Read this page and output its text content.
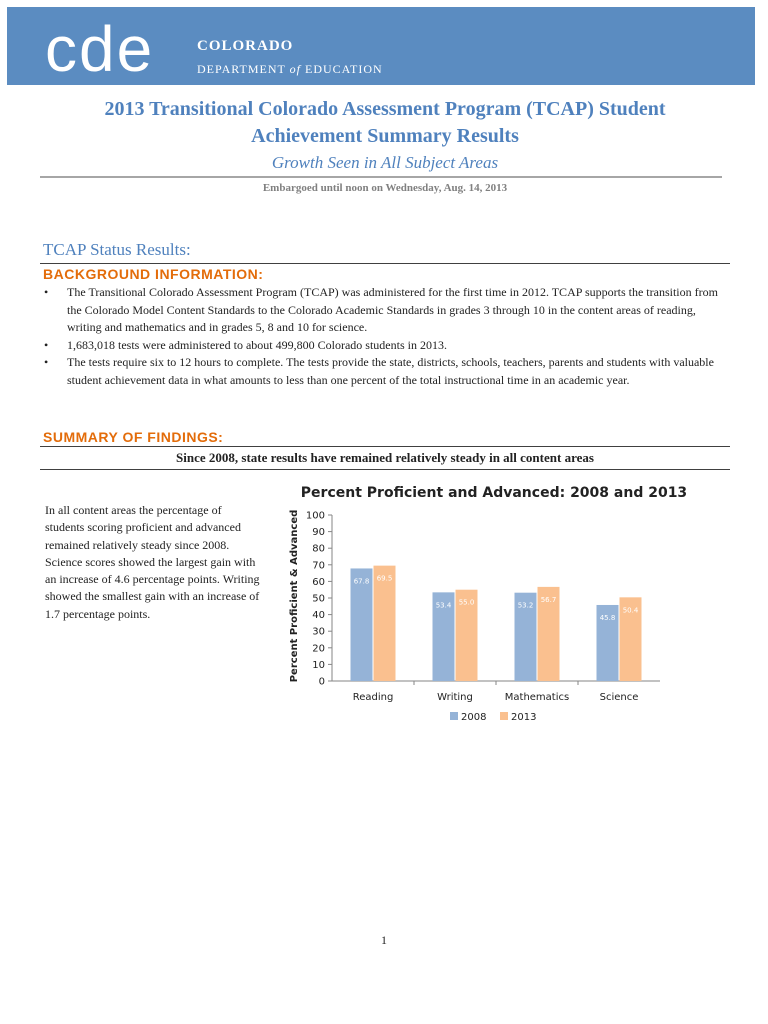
cde	COLORADO
DEPARTMENT of EDUCATION
2013 Transitional Colorado Assessment Program (TCAP) Student
Achievement Summary Results
Growth Seen in All Subject Areas
Embargoed until noon on Wednesday, Aug. 14, 2013
TCAP Status Results:
BACKGROUND INFORMATION:
• The Transitional Colorado Assessment Program (TCAP) was administered for the first time in 2012. TCAP supports the transition from the Colorado Model Content Standards to the Colorado Academic Standards in grades 3 through 10 in the content areas of reading, writing and mathematics and in grades 5, 8 and 10 for science.
• 1,683,018 tests were administered to about 499,800 Colorado students in 2013.
• The tests require six to 12 hours to complete. The tests provide the state, districts, schools, teachers, parents and students with valuable student achievement data in what amounts to less than one percent of the total instructional time in an academic year.
SUMMARY OF FINDINGS:
Since 2008, state results have remained relatively steady in all content areas
In all content areas the percentage of students scoring proficient and advanced remained relatively steady since 2008. Science scores showed the largest gain with an increase of 4.6 percentage points. Writing showed the smallest gain with an increase of 1.7 percentage points.
Percent Proficient and Advanced: 2008 and 2013
Percent Proficient & Advanced 0
10
20
30
40
50
60
70
80
90
100
67.8 69.5
Reading
53.4 55.0
Writing
53.2
56.7
Mathematics
45.8
50.4
Science
2008 2013
1
